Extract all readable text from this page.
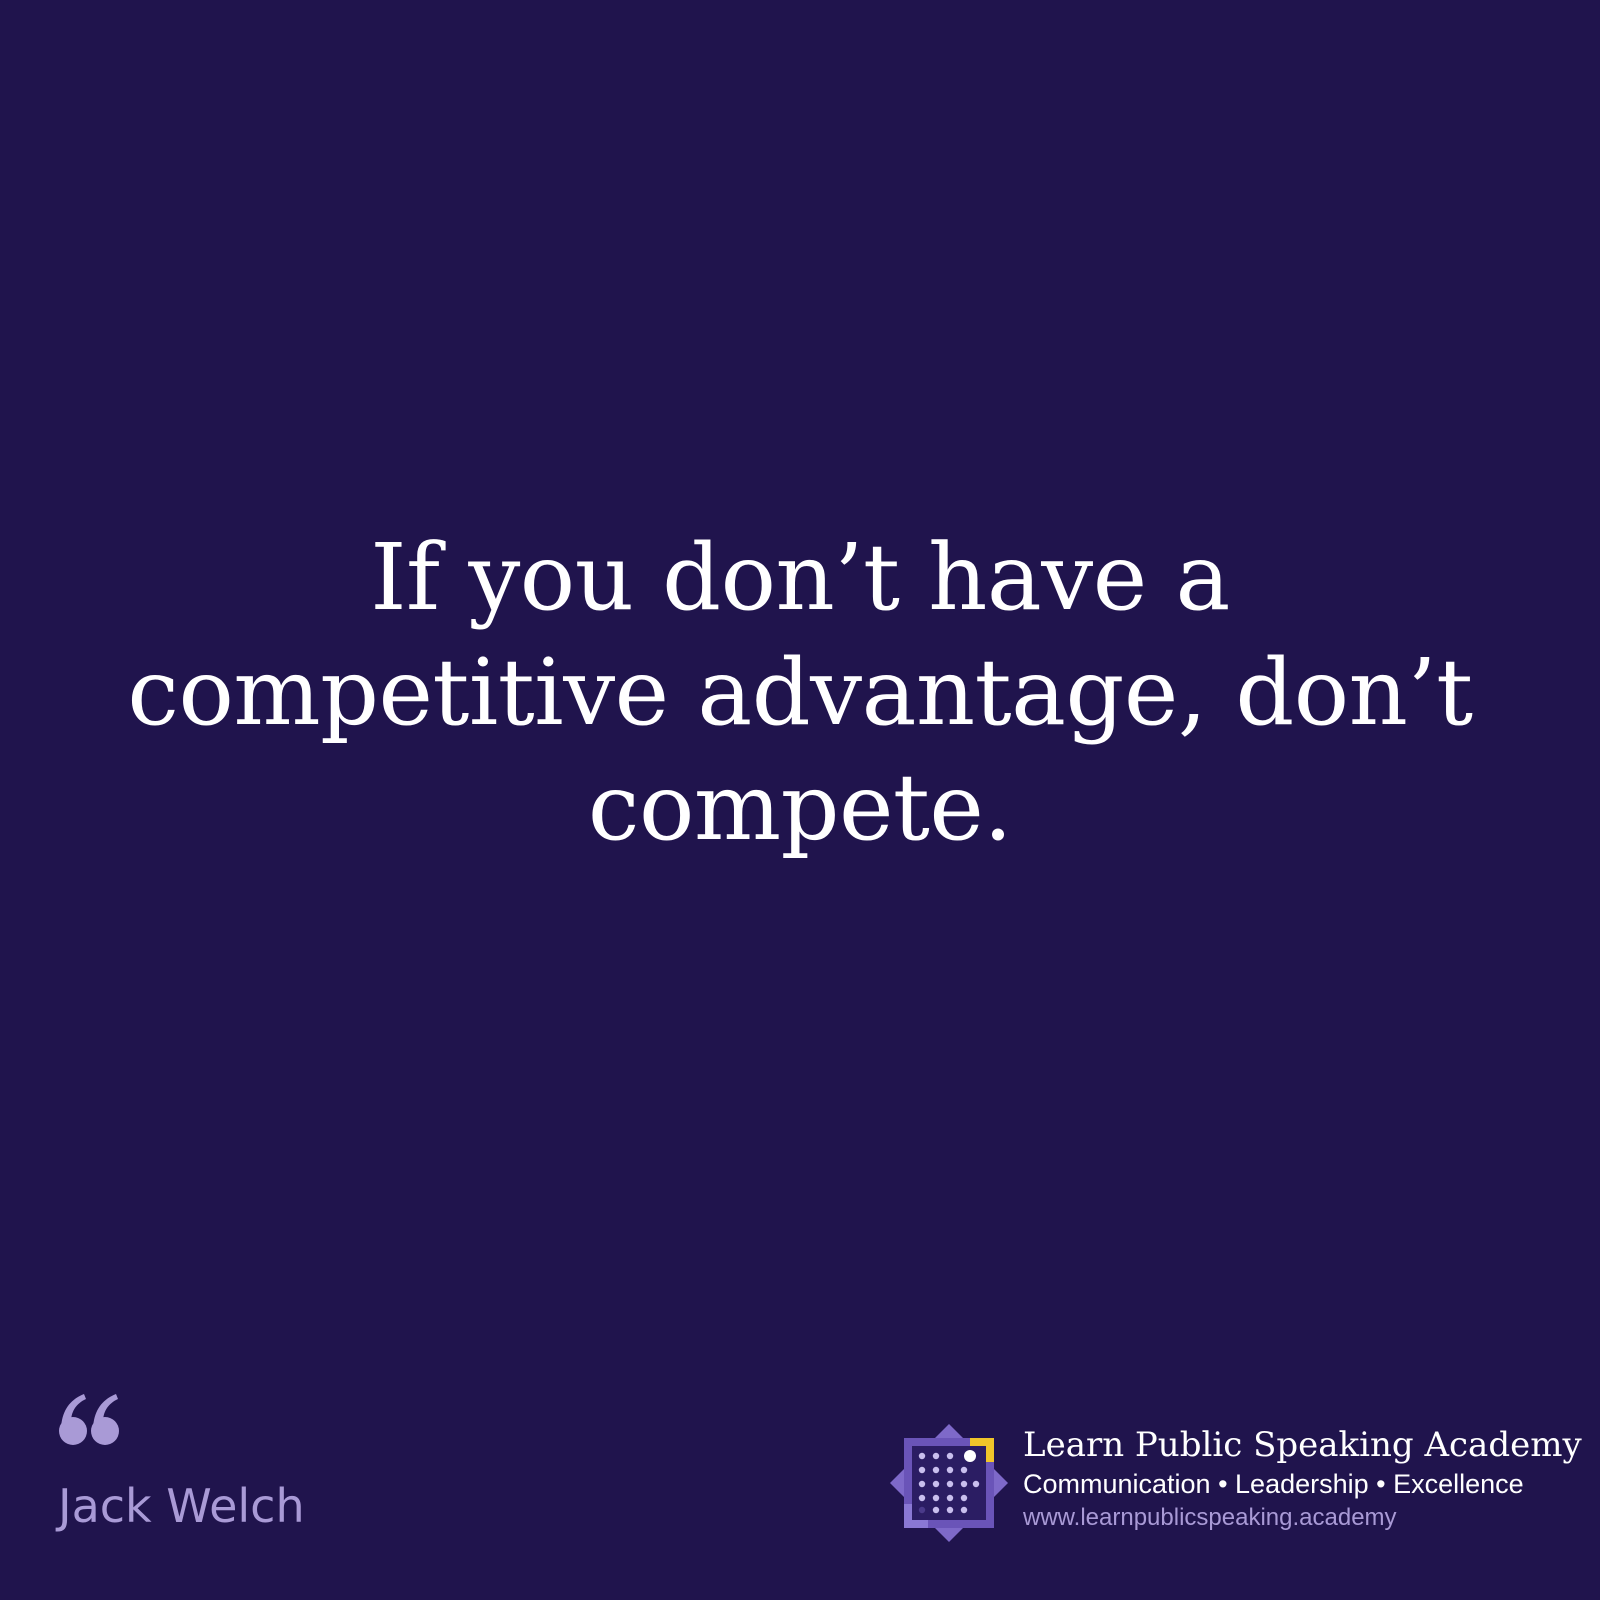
If you don’t have a
competitive advantage, don’t
compete.
Jack Welch
Learn Public Speaking Academy
Communication • Leadership • Excellence
www.learnpublicspeaking.academy
